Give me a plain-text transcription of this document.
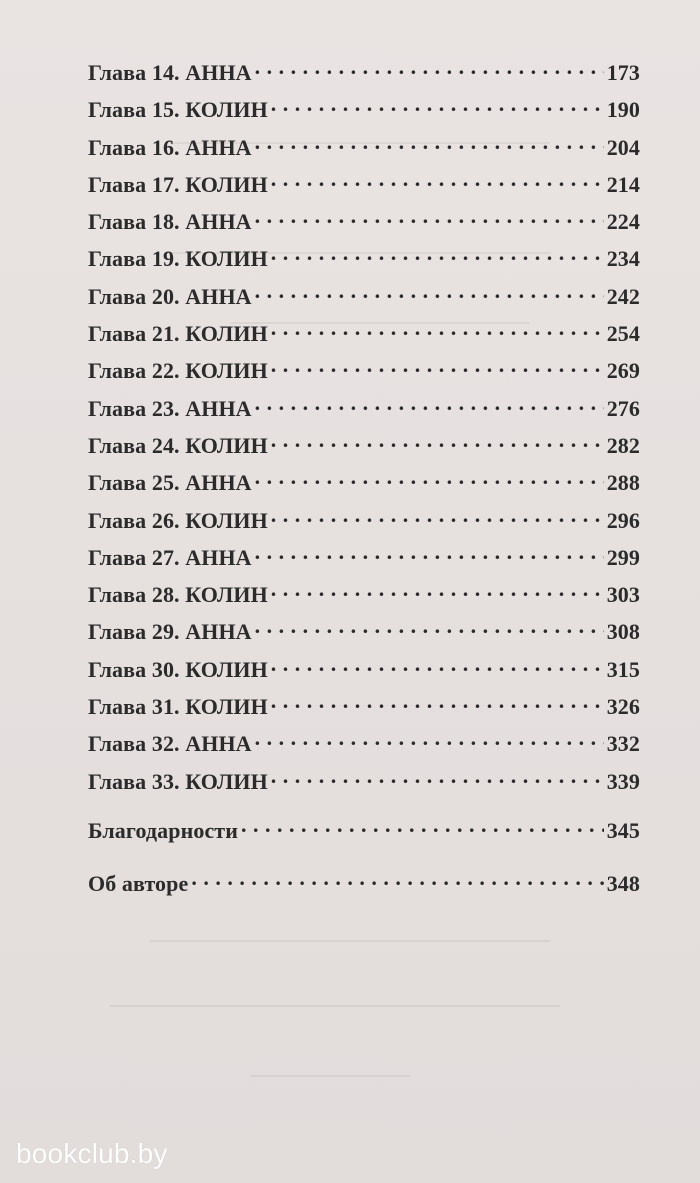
Глава 14. АННА . . .	173
Глава 15. КОЛИН . . .	190
Глава 16. АННА . . .	204
Глава 17. КОЛИН . . .	214
Глава 18. АННА . . .	224
Глава 19. КОЛИН . . .	234
Глава 20. АННА . . .	242
Глава 21. КОЛИН . . .	254
Глава 22. КОЛИН . . .	269
Глава 23. АННА . . .	276
Глава 24. КОЛИН . . .	282
Глава 25. АННА . . .	288
Глава 26. КОЛИН . . .	296
Глава 27. АННА . . .	299
Глава 28. КОЛИН . . .	303
Глава 29. АННА . . .	308
Глава 30. КОЛИН . . .	315
Глава 31. КОЛИН . . .	326
Глава 32. АННА . . .	332
Глава 33. КОЛИН . . .	339
Благодарности . . .	345
Об авторе . . .	348
bookclub.by
